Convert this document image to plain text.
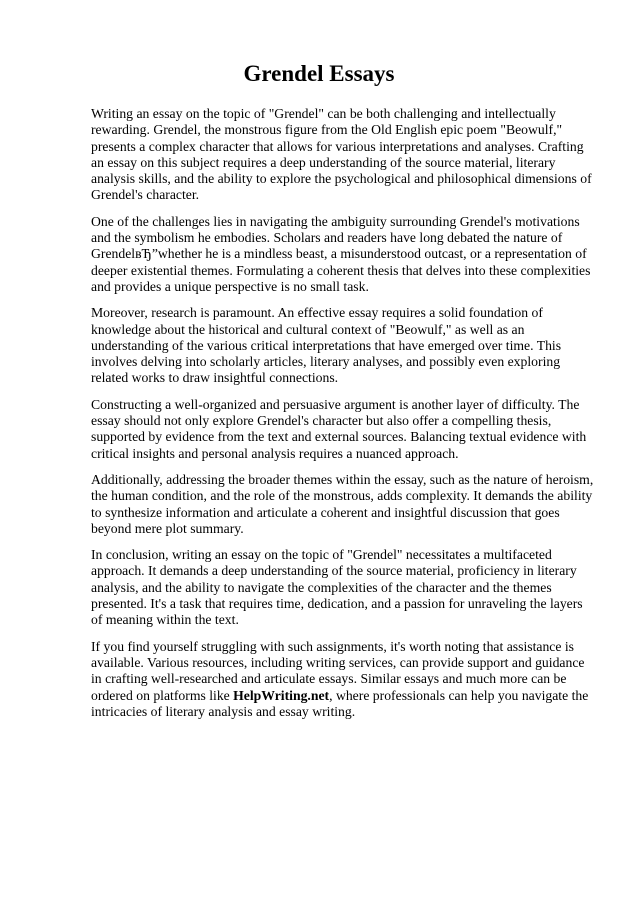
Grendel Essays

Writing an essay on the topic of "Grendel" can be both challenging and intellectually rewarding. Grendel, the monstrous figure from the Old English epic poem "Beowulf," presents a complex character that allows for various interpretations and analyses. Crafting an essay on this subject requires a deep understanding of the source material, literary analysis skills, and the ability to explore the psychological and philosophical dimensions of Grendel's character.

One of the challenges lies in navigating the ambiguity surrounding Grendel's motivations and the symbolism he embodies. Scholars and readers have long debated the nature of GrendelвЂ”whether he is a mindless beast, a misunderstood outcast, or a representation of deeper existential themes. Formulating a coherent thesis that delves into these complexities and provides a unique perspective is no small task.

Moreover, research is paramount. An effective essay requires a solid foundation of knowledge about the historical and cultural context of "Beowulf," as well as an understanding of the various critical interpretations that have emerged over time. This involves delving into scholarly articles, literary analyses, and possibly even exploring related works to draw insightful connections.

Constructing a well-organized and persuasive argument is another layer of difficulty. The essay should not only explore Grendel's character but also offer a compelling thesis, supported by evidence from the text and external sources. Balancing textual evidence with critical insights and personal analysis requires a nuanced approach.

Additionally, addressing the broader themes within the essay, such as the nature of heroism, the human condition, and the role of the monstrous, adds complexity. It demands the ability to synthesize information and articulate a coherent and insightful discussion that goes beyond mere plot summary.

In conclusion, writing an essay on the topic of "Grendel" necessitates a multifaceted approach. It demands a deep understanding of the source material, proficiency in literary analysis, and the ability to navigate the complexities of the character and the themes presented. It's a task that requires time, dedication, and a passion for unraveling the layers of meaning within the text.

If you find yourself struggling with such assignments, it's worth noting that assistance is available. Various resources, including writing services, can provide support and guidance in crafting well-researched and articulate essays. Similar essays and much more can be ordered on platforms like HelpWriting.net, where professionals can help you navigate the intricacies of literary analysis and essay writing.
